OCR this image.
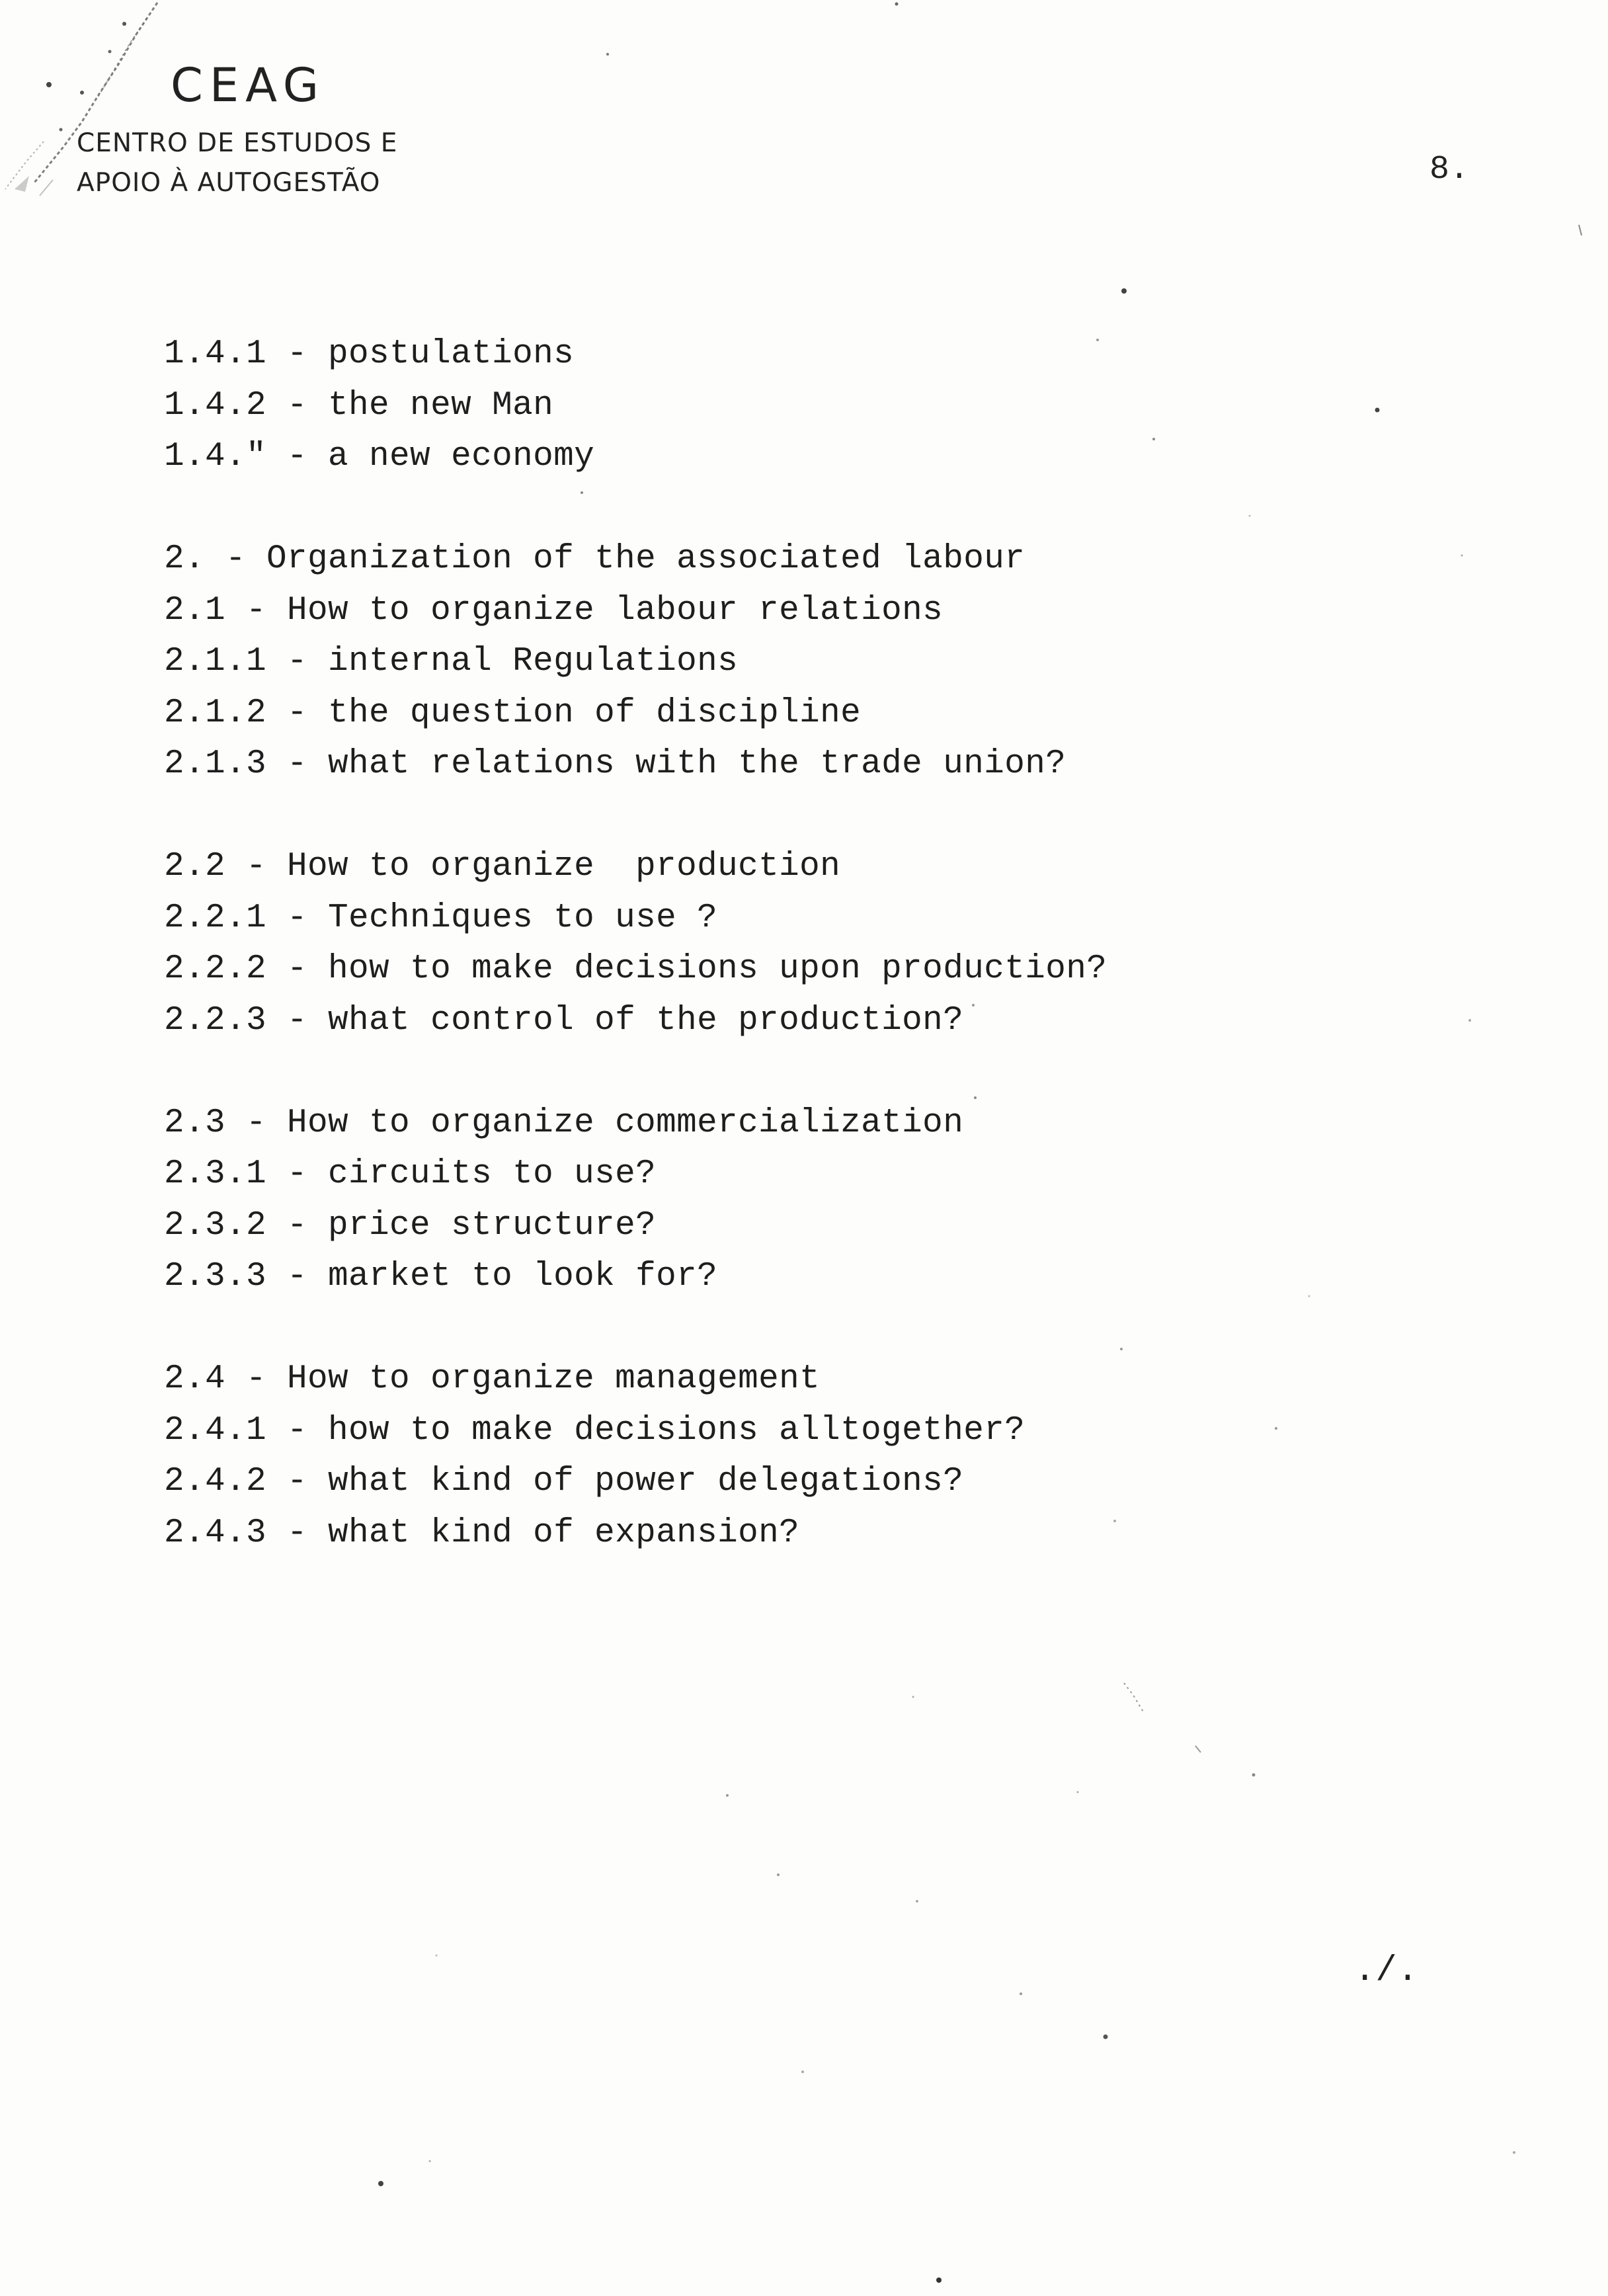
CEAG
CENTRO DE ESTUDOS E
APOIO À AUTOGESTÃO	8.
1.4.1 - postulations
1.4.2 - the new Man
1.4." - a new economy
2. - Organization of the associated labour
2.1 - How to organize labour relations
2.1.1 - internal Regulations
2.1.2 - the question of discipline
2.1.3 - what relations with the trade union?
2.2 - How to organize  production
2.2.1 - Techniques to use ?
2.2.2 - how to make decisions upon production?
2.2.3 - what control of the production?
2.3 - How to organize commercialization
2.3.1 - circuits to use?
2.3.2 - price structure?
2.3.3 - market to look for?
2.4 - How to organize management
2.4.1 - how to make decisions alltogether?
2.4.2 - what kind of power delegations?
2.4.3 - what kind of expansion?
./.
